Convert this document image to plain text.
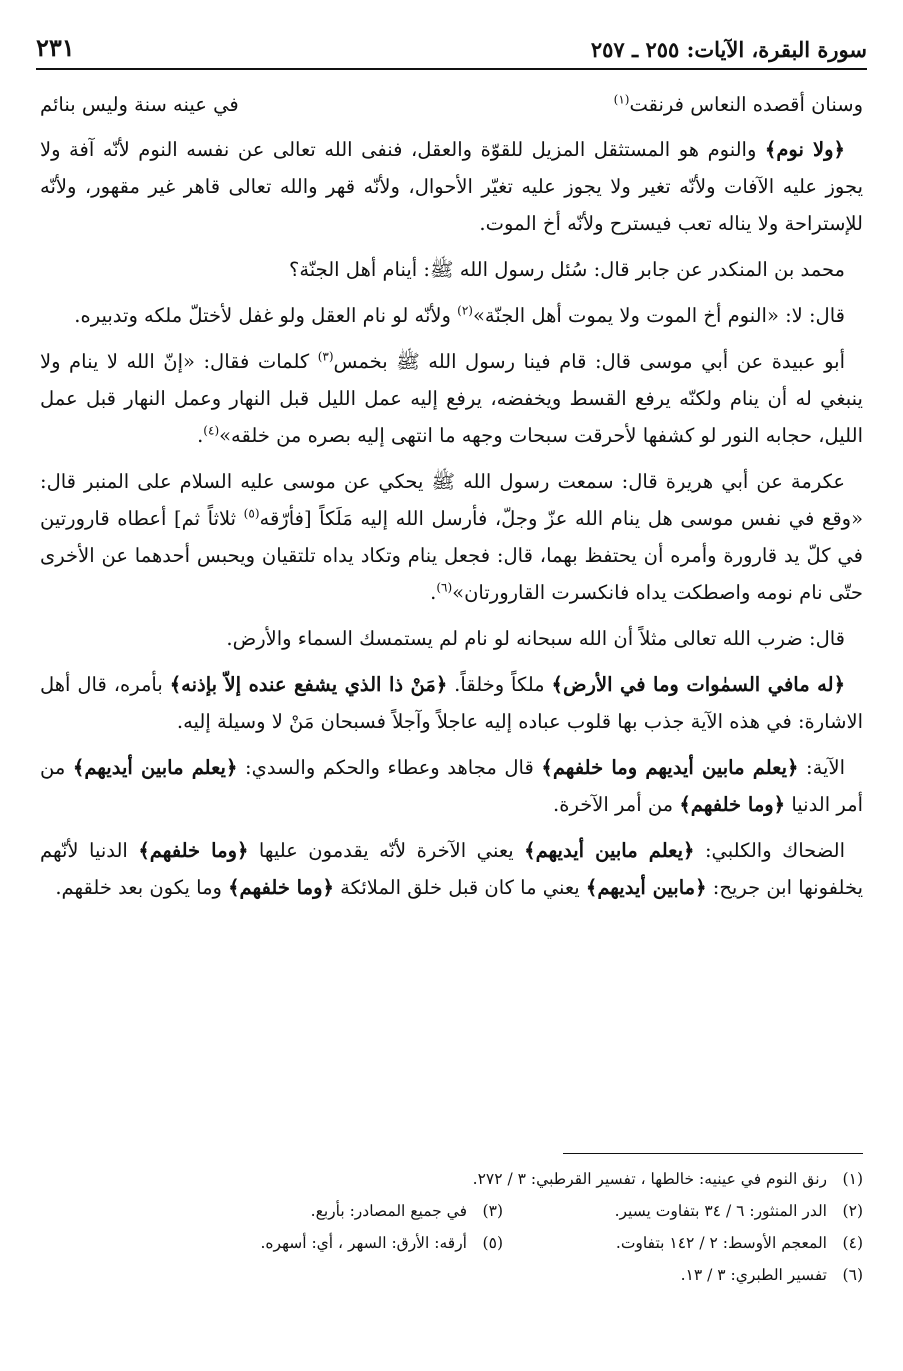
سورة البقرة، الآيات: ٢٥٥ ـ ٢٥٧
٢٣١

وسنان أقصده النعاس فرنقت$^{(١)}$
في عينه سنة وليس بنائم

﴿ولا نوم﴾ والنوم هو المستثقل المزيل للقوّة والعقل، فنفى الله تعالى عن نفسه النوم لأنّه آفة ولا يجوز عليه الآفات ولأنّه تغير ولا يجوز عليه تغيّر الأحوال، ولأنّه قهر والله تعالى قاهر غير مقهور، ولأنّه للإستراحة ولا يناله تعب فيسترح ولأنّه أخ الموت.

محمد بن المنكدر عن جابر قال: سُئل رسول الله ﷺ: أينام أهل الجنّة؟

قال: لا: «النوم أخ الموت ولا يموت أهل الجنّة»$^{(٢)}$ ولأنّه لو نام العقل ولو غفل لأختلّ ملكه وتدبيره.

أبو عبيدة عن أبي موسى قال: قام فينا رسول الله ﷺ بخمس$^{(٣)}$ كلمات فقال: «إنّ الله لا ينام ولا ينبغي له أن ينام ولكنّه يرفع القسط ويخفضه، يرفع إليه عمل الليل قبل النهار وعمل النهار قبل عمل الليل، حجابه النور لو كشفها لأحرقت سبحات وجهه ما انتهى إليه بصره من خلقه»$^{(٤)}$.

عكرمة عن أبي هريرة قال: سمعت رسول الله ﷺ يحكي عن موسى عليه السلام على المنبر قال: «وقع في نفس موسى هل ينام الله عزّ وجلّ، فأرسل الله إليه مَلَكاً [فأرّقه$^{(٥)}$ ثلاثاً ثم] أعطاه قارورتين في كلّ يد قارورة وأمره أن يحتفظ بهما، قال: فجعل ينام وتكاد يداه تلتقيان ويحبس أحدهما عن الأخرى حتّى نام نومه واصطكت يداه فانكسرت القارورتان»$^{(٦)}$.

قال: ضرب الله تعالى مثلاً أن الله سبحانه لو نام لم يستمسك السماء والأرض.

﴿له مافي السمٰوات وما في الأرض﴾ ملكاً وخلقاً. ﴿مَنْ ذا الذي يشفع عنده إلاّ بإذنه﴾ بأمره، قال أهل الاشارة: في هذه الآية جذب بها قلوب عباده إليه عاجلاً وآجلاً فسبحان مَنْ لا وسيلة إليه.

الآية: ﴿يعلم مابين أيديهم وما خلفهم﴾ قال مجاهد وعطاء والحكم والسدي: ﴿يعلم مابين أيديهم﴾ من أمر الدنيا ﴿وما خلفهم﴾ من أمر الآخرة.

الضحاك والكلبي: ﴿يعلم مابين أيديهم﴾ يعني الآخرة لأنّه يقدمون عليها ﴿وما خلفهم﴾ الدنيا لأنّهم يخلفونها ابن جريح: ﴿مابين أيديهم﴾ يعني ما كان قبل خلق الملائكة ﴿وما خلفهم﴾ وما يكون بعد خلقهم.

(١)رنق النوم في عينيه: خالطها ، تفسير القرطبي: ٣ / ٢٧٢.
(٢)الدر المنثور: ٦ / ٣٤ بتفاوت يسير.
(٣)في جميع المصادر: بأربع.
(٤)المعجم الأوسط: ٢ / ١٤٢ بتفاوت.
(٥)أرقه: الأرق: السهر ، أي: أسهره.
(٦)تفسير الطبري: ٣ / ١٣.
